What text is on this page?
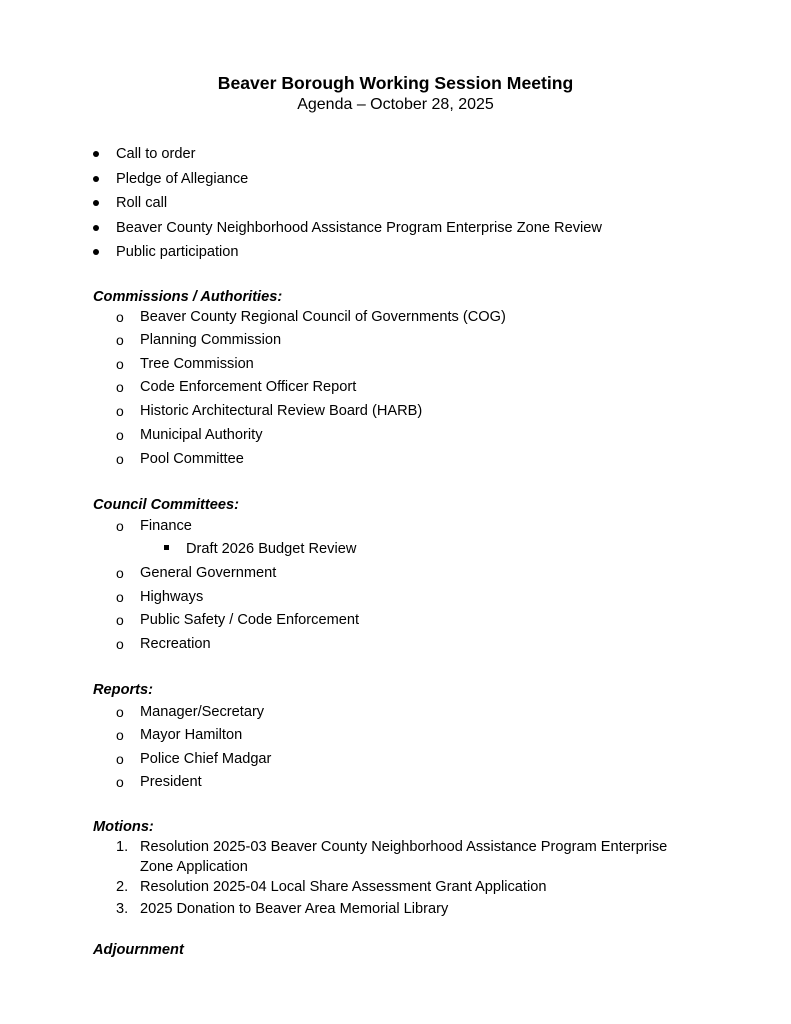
Beaver Borough Working Session Meeting
Agenda – October 28, 2025
Call to order
Pledge of Allegiance
Roll call
Beaver County Neighborhood Assistance Program Enterprise Zone Review
Public participation
Commissions / Authorities:
o Beaver County Regional Council of Governments (COG)
o Planning Commission
o Tree Commission
o Code Enforcement Officer Report
o Historic Architectural Review Board (HARB)
o Municipal Authority
o Pool Committee
Council Committees:
o Finance
Draft 2026 Budget Review
o General Government
o Highways
o Public Safety / Code Enforcement
o Recreation
Reports:
o Manager/Secretary
o Mayor Hamilton
o Police Chief Madgar
o President
Motions:
1. Resolution 2025-03 Beaver County Neighborhood Assistance Program Enterprise
Zone Application
2. Resolution 2025-04 Local Share Assessment Grant Application
3. 2025 Donation to Beaver Area Memorial Library
Adjournment
